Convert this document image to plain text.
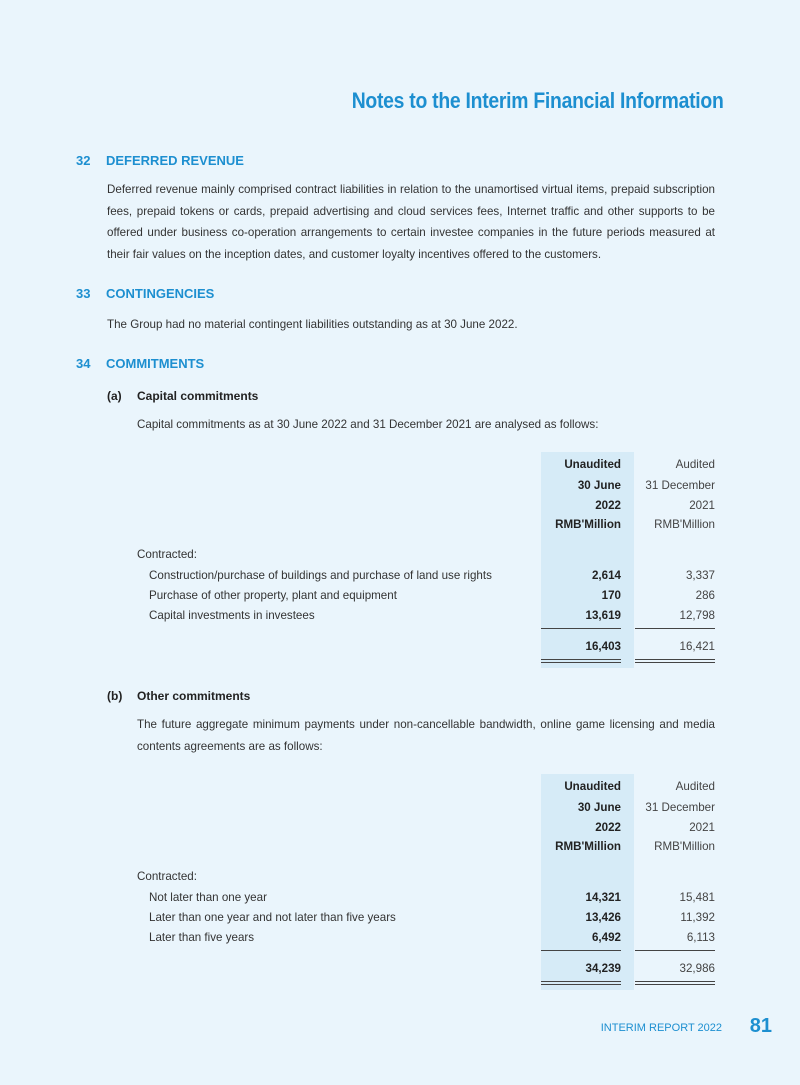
Notes to the Interim Financial Information
32 DEFERRED REVENUE
Deferred revenue mainly comprised contract liabilities in relation to the unamortised virtual items, prepaid subscription fees, prepaid tokens or cards, prepaid advertising and cloud services fees, Internet traffic and other supports to be offered under business co-operation arrangements to certain investee companies in the future periods measured at their fair values on the inception dates, and customer loyalty incentives offered to the customers.
33 CONTINGENCIES
The Group had no material contingent liabilities outstanding as at 30 June 2022.
34 COMMITMENTS
(a) Capital commitments
Capital commitments as at 30 June 2022 and 31 December 2021 are analysed as follows:
Unaudited	Audited
30 June	31 December
2022	2021
RMB'Million	RMB'Million
Contracted:
Construction/purchase of buildings and purchase of land use rights	2,614	3,337
Purchase of other property, plant and equipment	170	286
Capital investments in investees	13,619	12,798
16,403	16,421
(b) Other commitments
The future aggregate minimum payments under non-cancellable bandwidth, online game licensing and media contents agreements are as follows:
Unaudited	Audited
30 June	31 December
2022	2021
RMB'Million	RMB'Million
Contracted:
Not later than one year	14,321	15,481
Later than one year and not later than five years	13,426	11,392
Later than five years	6,492	6,113
34,239	32,986
INTERIM REPORT 2022 81
